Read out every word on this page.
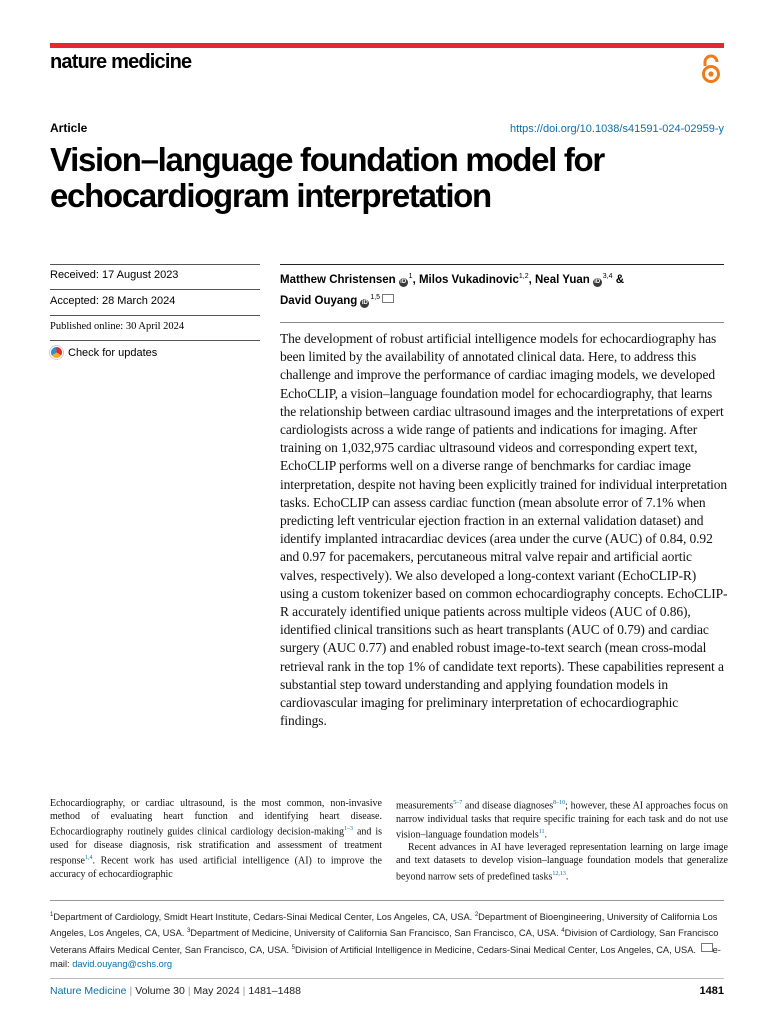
nature medicine
Article	https://doi.org/10.1038/s41591-024-02959-y
Vision–language foundation model for echocardiogram interpretation
Received: 17 August 2023
Accepted: 28 March 2024
Published online: 30 April 2024
Check for updates
Matthew Christensen $iD^1$, Milos Vukadinovic$^{1,2}$, Neal Yuan iD$^{3,4}$ &
David Ouyang iD$^{1,5}$

The development of robust artificial intelligence models for echocardiography has been limited by the availability of annotated clinical data. Here, to address this challenge and improve the performance of cardiac imaging models, we developed EchoCLIP, a vision–language foundation model for echocardiography, that learns the relationship between cardiac ultrasound images and the interpretations of expert cardiologists across a wide range of patients and indications for imaging. After training on 1,032,975 cardiac ultrasound videos and corresponding expert text, EchoCLIP performs well on a diverse range of benchmarks for cardiac image interpretation, despite not having been explicitly trained for individual interpretation tasks. EchoCLIP can assess cardiac function (mean absolute error of 7.1% when predicting left ventricular ejection fraction in an external validation dataset) and identify implanted intracardiac devices (area under the curve (AUC) of 0.84, 0.92 and 0.97 for pacemakers, percutaneous mitral valve repair and artificial aortic valves, respectively). We also developed a long-context variant (EchoCLIP-R) using a custom tokenizer based on common echocardiography concepts. EchoCLIP-R accurately identified unique patients across multiple videos (AUC of 0.86), identified clinical transitions such as heart transplants (AUC of 0.79) and cardiac surgery (AUC 0.77) and enabled robust image-to-text search (mean cross-modal retrieval rank in the top 1% of candidate text reports). These capabilities represent a substantial step toward understanding and applying foundation models in cardiovascular imaging for preliminary interpretation of echocardiographic findings.

Echocardiography, or cardiac ultrasound, is the most common, non-invasive method of evaluating heart function and identifying heart disease. Echocardiography routinely guides clinical cardiology decision-making$^{1-3}$ and is used for disease diagnosis, risk stratification and assessment of treatment response$^{1,4}$. Recent work has used artificial intelligence (AI) to improve the accuracy of echocardiographic

measurements$^{5-7}$ and disease diagnoses$^{8-10}$; however, these AI approaches focus on narrow individual tasks that require specific training for each task and do not use vision–language foundation models$^{11}$.

Recent advances in AI have leveraged representation learning on large image and text datasets to develop vision–language foundation models that generalize beyond narrow sets of predefined tasks$^{12,13}$.

$^1$Department of Cardiology, Smidt Heart Institute, Cedars-Sinai Medical Center, Los Angeles, CA, USA. $^2$Department of Bioengineering, University of California Los Angeles, Los Angeles, CA, USA. $^3$Department of Medicine, University of California San Francisco, San Francisco, CA, USA. $^4$Division of Cardiology, San Francisco Veterans Affairs Medical Center, San Francisco, CA, USA. $^5$Division of Artificial Intelligence in Medicine, Cedars-Sinai Medical Center, Los Angeles, CA, USA. e-mail: david.ouyang@cshs.org

Nature Medicine | Volume 30 | May 2024 | 1481–1488	1481
